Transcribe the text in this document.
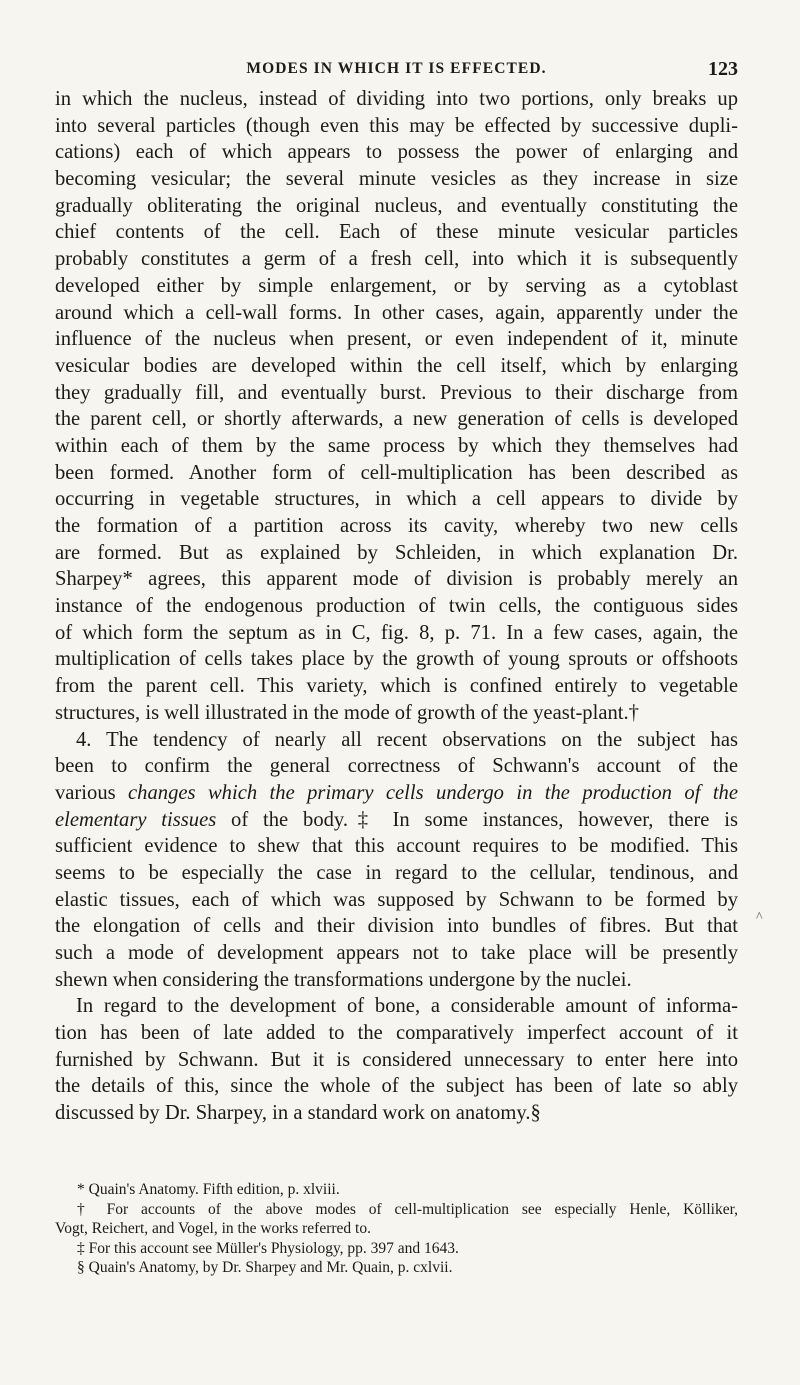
MODES IN WHICH IT IS EFFECTED.	123
in which the nucleus, instead of dividing into two portions, only breaks up
into several particles (though even this may be effected by successive dupli-
cations) each of which appears to possess the power of enlarging and
becoming vesicular; the several minute vesicles as they increase in size
gradually obliterating the original nucleus, and eventually constituting the
chief contents of the cell. Each of these minute vesicular particles
probably constitutes a germ of a fresh cell, into which it is subsequently
developed either by simple enlargement, or by serving as a cytoblast
around which a cell-wall forms. In other cases, again, apparently under the
influence of the nucleus when present, or even independent of it, minute
vesicular bodies are developed within the cell itself, which by enlarging
they gradually fill, and eventually burst. Previous to their discharge from
the parent cell, or shortly afterwards, a new generation of cells is developed
within each of them by the same process by which they themselves had
been formed. Another form of cell-multiplication has been described as
occurring in vegetable structures, in which a cell appears to divide by
the formation of a partition across its cavity, whereby two new cells
are formed. But as explained by Schleiden, in which explanation Dr.
Sharpey* agrees, this apparent mode of division is probably merely an
instance of the endogenous production of twin cells, the contiguous sides
of which form the septum as in C, fig. 8, p. 71. In a few cases, again, the
multiplication of cells takes place by the growth of young sprouts or offshoots
from the parent cell. This variety, which is confined entirely to vegetable
structures, is well illustrated in the mode of growth of the yeast-plant.†
4. The tendency of nearly all recent observations on the subject has
been to confirm the general correctness of Schwann's account of the
various changes which the primary cells undergo in the production of the
elementary tissues of the body.‡ In some instances, however, there is
sufficient evidence to shew that this account requires to be modified. This
seems to be especially the case in regard to the cellular, tendinous, and
elastic tissues, each of which was supposed by Schwann to be formed by
the elongation of cells and their division into bundles of fibres. But that
such a mode of development appears not to take place will be presently
shewn when considering the transformations undergone by the nuclei.
In regard to the development of bone, a considerable amount of informa-
tion has been of late added to the comparatively imperfect account of it
furnished by Schwann. But it is considered unnecessary to enter here into
the details of this, since the whole of the subject has been of late so ably
discussed by Dr. Sharpey, in a standard work on anatomy.§
^
* Quain's Anatomy. Fifth edition, p. xlviii.
† For accounts of the above modes of cell-multiplication see especially Henle, Kölliker,
Vogt, Reichert, and Vogel, in the works referred to.
‡ For this account see Müller's Physiology, pp. 397 and 1643.
§ Quain's Anatomy, by Dr. Sharpey and Mr. Quain, p. cxlvii.
